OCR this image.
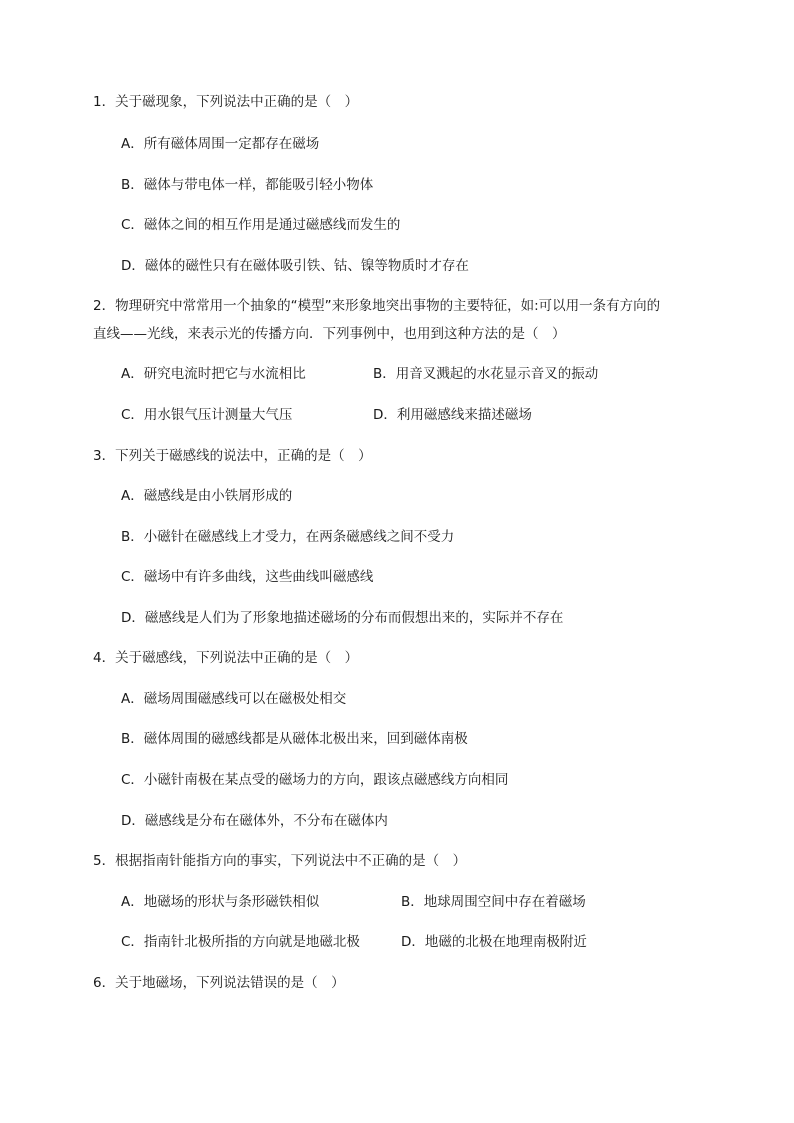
1．关于磁现象，下列说法中正确的是（　）
A．所有磁体周围一定都存在磁场
B．磁体与带电体一样，都能吸引轻小物体
C．磁体之间的相互作用是通过磁感线而发生的
D．磁体的磁性只有在磁体吸引铁、钴、镍等物质时才存在
2．物理研究中常常用一个抽象的“模型”来形象地突出事物的主要特征，如:可以用一条有方向的
直线——光线，来表示光的传播方向．下列事例中，也用到这种方法的是（　）
A．研究电流时把它与水流相比	B．用音叉溅起的水花显示音叉的振动
C．用水银气压计测量大气压	D．利用磁感线来描述磁场
3．下列关于磁感线的说法中，正确的是（　）
A．磁感线是由小铁屑形成的
B．小磁针在磁感线上才受力，在两条磁感线之间不受力
C．磁场中有许多曲线，这些曲线叫磁感线
D．磁感线是人们为了形象地描述磁场的分布而假想出来的，实际并不存在
4．关于磁感线，下列说法中正确的是（　）
A．磁场周围磁感线可以在磁极处相交
B．磁体周围的磁感线都是从磁体北极出来，回到磁体南极
C．小磁针南极在某点受的磁场力的方向，跟该点磁感线方向相同
D．磁感线是分布在磁体外，不分布在磁体内
5．根据指南针能指方向的事实，下列说法中不正确的是（　）
A．地磁场的形状与条形磁铁相似	B．地球周围空间中存在着磁场
C．指南针北极所指的方向就是地磁北极	D．地磁的北极在地理南极附近
6．关于地磁场，下列说法错误的是（　）
